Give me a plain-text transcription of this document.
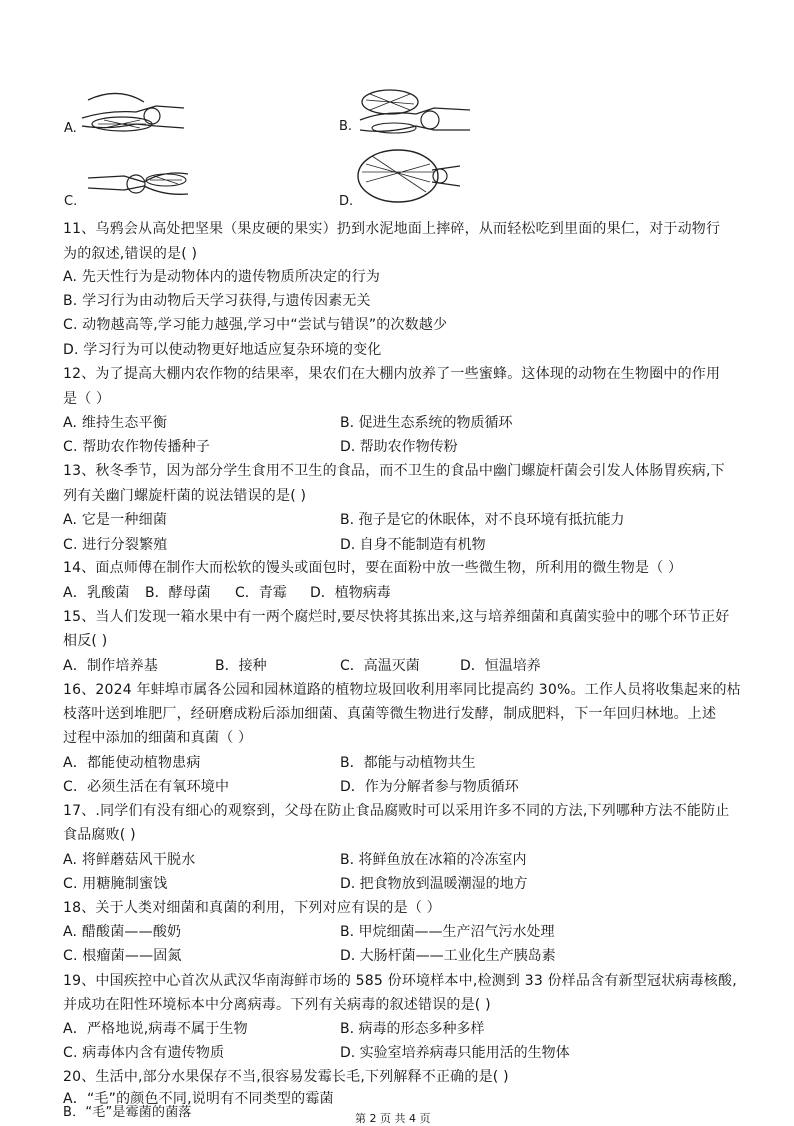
A.	B.
C.	D.
11、乌鸦会从高处把坚果（果皮硬的果实）扔到水泥地面上摔碎，从而轻松吃到里面的果仁，对于动物行
为的叙述,错误的是( )
A. 先天性行为是动物体内的遗传物质所决定的行为
B. 学习行为由动物后天学习获得,与遗传因素无关
C. 动物越高等,学习能力越强,学习中“尝试与错误”的次数越少
D. 学习行为可以使动物更好地适应复杂环境的变化
12、为了提高大棚内农作物的结果率，果农们在大棚内放养了一些蜜蜂。这体现的动物在生物圈中的作用
是（ ）
A. 维持生态平衡	B. 促进生态系统的物质循环
C. 帮助农作物传播种子	D. 帮助农作物传粉
13、秋冬季节，因为部分学生食用不卫生的食品，而不卫生的食品中幽门螺旋杆菌会引发人体肠胃疾病,下
列有关幽门螺旋杆菌的说法错误的是( )
A. 它是一种细菌	B. 孢子是它的休眠体，对不良环境有抵抗能力
C. 进行分裂繁殖	D. 自身不能制造有机物
14、面点师傅在制作大而松软的馒头或面包时，要在面粉中放一些微生物，所利用的微生物是（ ）
A．乳酸菌 B．酵母菌 C．青霉 D．植物病毒
15、当人们发现一箱水果中有一两个腐烂时,要尽快将其拣出来,这与培养细菌和真菌实验中的哪个环节正好
相反( )
A．制作培养基	B．接种	C．高温灭菌	D．恒温培养
16、2024 年蚌埠市属各公园和园林道路的植物垃圾回收利用率同比提高约 30%。工作人员将收集起来的枯
枝落叶送到堆肥厂，经研磨成粉后添加细菌、真菌等微生物进行发酵，制成肥料，下一年回归林地。上述
过程中添加的细菌和真菌（ ）
A．都能使动植物患病	B．都能与动植物共生
C．必须生活在有氧环境中	D．作为分解者参与物质循环
17、.同学们有没有细心的观察到，父母在防止食品腐败时可以采用许多不同的方法,下列哪种方法不能防止
食品腐败( )
A. 将鲜蘑菇风干脱水	B. 将鲜鱼放在冰箱的冷冻室内
C. 用糖腌制蜜饯	D. 把食物放到温暖潮湿的地方
18、关于人类对细菌和真菌的利用，下列对应有误的是（ ）
A. 醋酸菌——酸奶	B. 甲烷细菌——生产沼气污水处理
C. 根瘤菌——固氮	D. 大肠杆菌——工业化生产胰岛素
19、中国疾控中心首次从武汉华南海鲜市场的 585 份环境样本中,检测到 33 份样品含有新型冠状病毒核酸,
并成功在阳性环境标本中分离病毒。下列有关病毒的叙述错误的是( )
A．严格地说,病毒不属于生物	B. 病毒的形态多种多样
C. 病毒体内含有遗传物质	D. 实验室培养病毒只能用活的生物体
20、生活中,部分水果保存不当,很容易发霉长毛,下列解释不正确的是( )
A．“毛”的颜色不同,说明有不同类型的霉菌
B．“毛”是霉菌的菌落	第 2 页 共 4 页
